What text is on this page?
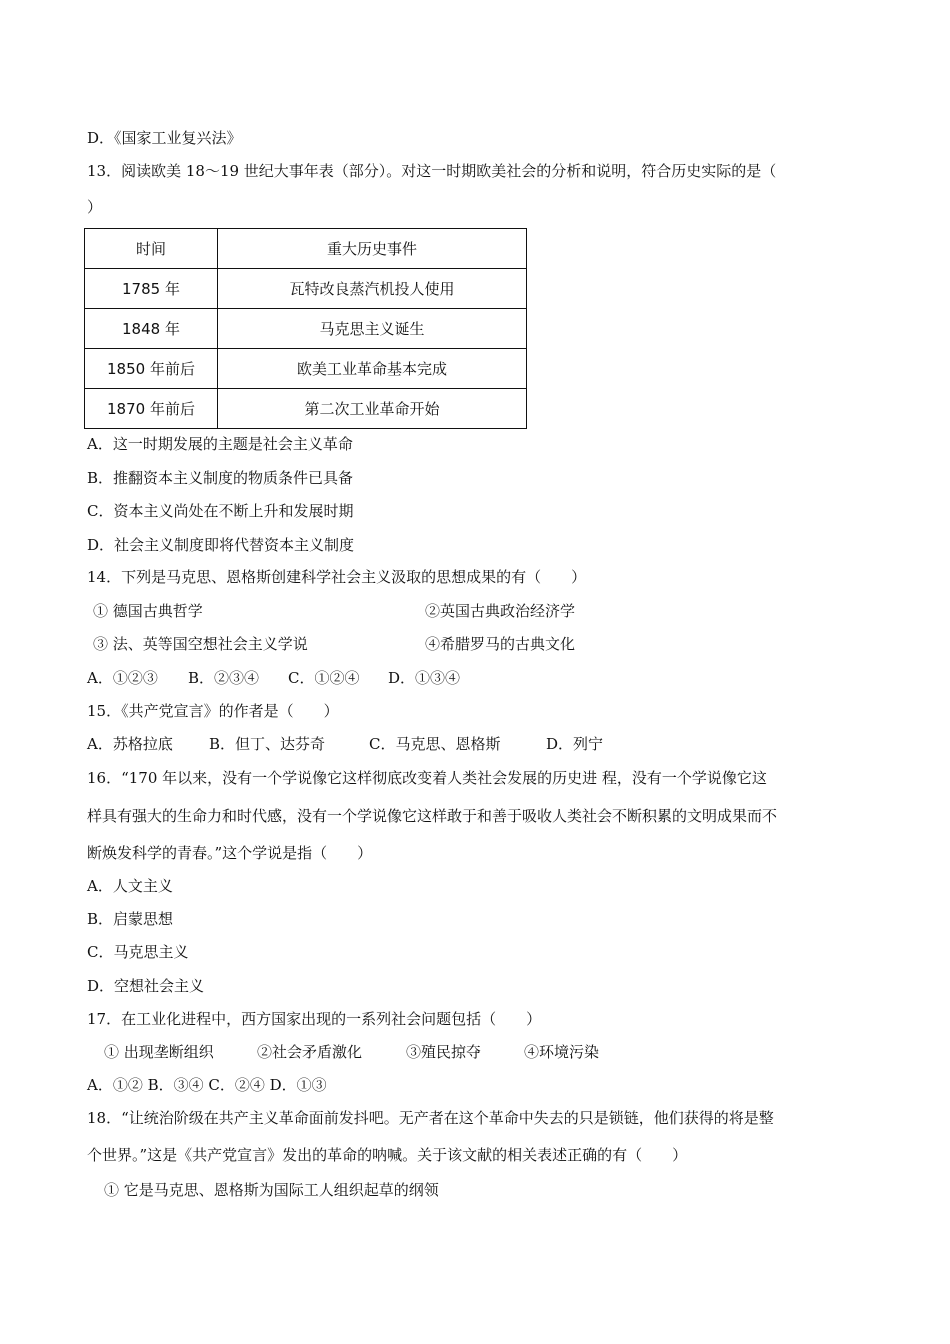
D．《国家工业复兴法》
13．阅读欧美 18～19 世纪大事年表（部分）。对这一时期欧美社会的分析和说明，符合历史实际的是（
）
时间	重大历史事件
1785 年	瓦特改良蒸汽机投人使用
1848 年	马克思主义诞生
1850 年前后	欧美工业革命基本完成
1870 年前后	第二次工业革命开始
A．这一时期发展的主题是社会主义革命
B．推翻资本主义制度的物质条件已具备
C．资本主义尚处在不断上升和发展时期
D．社会主义制度即将代替资本主义制度
14．下列是马克思、恩格斯创建科学社会主义汲取的思想成果的有（　　）
① 德国古典哲学	②英国古典政治经济学
③ 法、英等国空想社会主义学说	④希腊罗马的古典文化
A．①②③ B．②③④ C．①②④ D．①③④
15．《共产党宣言》的作者是（　　）
A．苏格拉底 B．但丁、达芬奇	C．马克思、恩格斯	D．列宁
16．“170 年以来，没有一个学说像它这样彻底改变着人类社会发展的历史进 程，没有一个学说像它这
样具有强大的生命力和时代感，没有一个学说像它这样敢于和善于吸收人类社会不断积累的文明成果而不
断焕发科学的青春。”这个学说是指（　　）
A．人文主义
B．启蒙思想
C．马克思主义
D．空想社会主义
17．在工业化进程中，西方国家出现的一系列社会问题包括（　　）
① 出现垄断组织	②社会矛盾激化	③殖民掠夺	④环境污染
A．①② B．③④ C．②④ D．①③
18．“让统治阶级在共产主义革命面前发抖吧。无产者在这个革命中失去的只是锁链，他们获得的将是整
个世界。”这是《共产党宣言》发出的革命的呐喊。关于该文献的相关表述正确的有（　　）
① 它是马克思、恩格斯为国际工人组织起草的纲领
